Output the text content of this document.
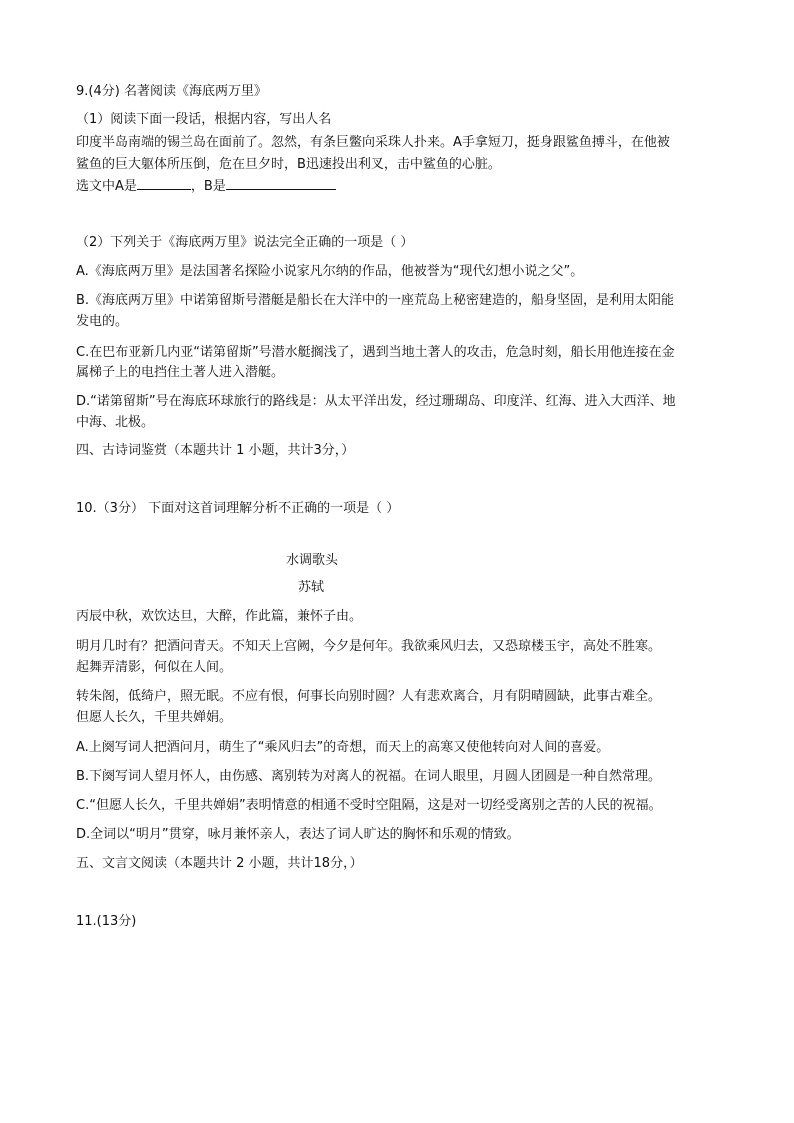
9.(4分) 名著阅读《海底两万里》
（1）阅读下面一段话，根据内容，写出人名
印度半岛南端的锡兰岛在面前了。忽然，有条巨鳖向采珠人扑来。A手拿短刀，挺身跟鲨鱼搏斗，在他被
鲨鱼的巨大躯体所压倒，危在旦夕时，B迅速投出利叉，击中鲨鱼的心脏。
选文中A是	，B是
（2）下列关于《海底两万里》说法完全正确的一项是（ ）
A.《海底两万里》是法国著名探险小说家凡尔纳的作品，他被誉为“现代幻想小说之父”。
B.《海底两万里》中诺第留斯号潜艇是船长在大洋中的一座荒岛上秘密建造的，船身坚固，是利用太阳能
发电的。
C.在巴布亚新几内亚“诺第留斯”号潜水艇搁浅了，遇到当地土著人的攻击，危急时刻，船长用他连接在金
属梯子上的电挡住土著人进入潜艇。
D.“诺第留斯”号在海底环球旅行的路线是：从太平洋出发，经过珊瑚岛、印度洋、红海、进入大西洋、地
中海、北极。
四、古诗词鉴赏（本题共计 1 小题，共计3分，）
10.（3分） 下面对这首词理解分析不正确的一项是（ ）
水调歌头
苏轼
丙辰中秋，欢饮达旦，大醉，作此篇，兼怀子由。
明月几时有？把酒问青天。不知天上宫阙，今夕是何年。我欲乘风归去，又恐琼楼玉宇，高处不胜寒。
起舞弄清影，何似在人间。
转朱阁，低绮户，照无眠。不应有恨，何事长向别时圆？人有悲欢离合，月有阴晴圆缺，此事古难全。
但愿人长久，千里共婵娟。
A.上阕写词人把酒问月，萌生了“乘风归去”的奇想，而天上的高寒又使他转向对人间的喜爱。
B.下阕写词人望月怀人，由伤感、离别转为对离人的祝福。在词人眼里，月圆人团圆是一种自然常理。
C.“但愿人长久，千里共婵娟”表明情意的相通不受时空阻隔，这是对一切经受离别之苦的人民的祝福。
D.全词以“明月”贯穿，咏月兼怀亲人，表达了词人旷达的胸怀和乐观的情致。
五、文言文阅读（本题共计 2 小题，共计18分，）
11.(13分)
